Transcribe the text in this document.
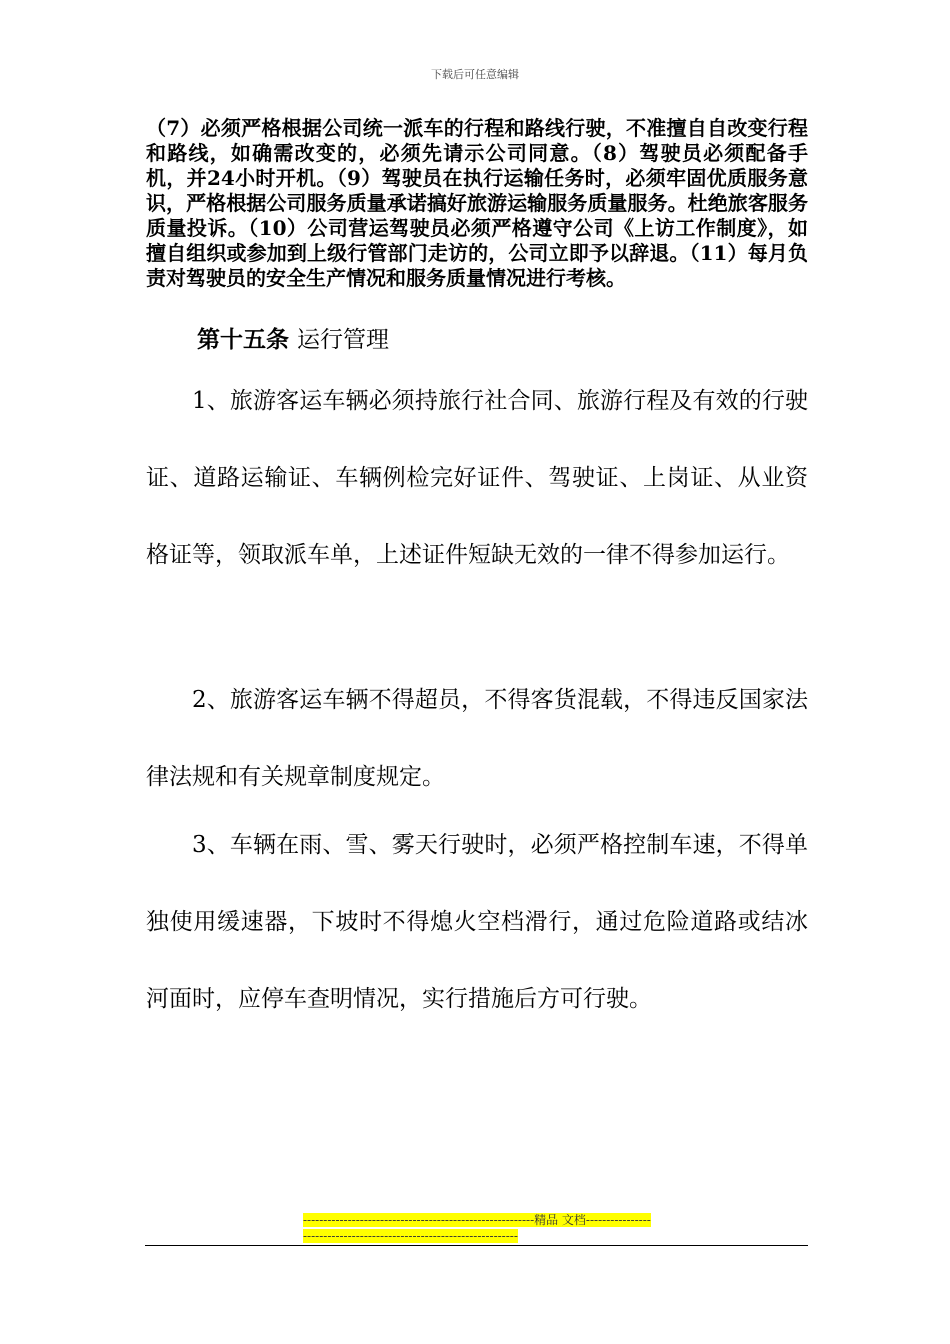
下载后可任意编辑

（7）必须严格根据公司统一派车的行程和路线行驶，不准擅自自改变行程和路线，如确需改变的，必须先请示公司同意。（8）驾驶员必须配备手机，并24小时开机。（9）驾驶员在执行运输任务时，必须牢固优质服务意识，严格根据公司服务质量承诺搞好旅游运输服务质量服务。杜绝旅客服务质量投诉。（10）公司营运驾驶员必须严格遵守公司《上访工作制度》，如擅自组织或参加到上级行管部门走访的，公司立即予以辞退。（11）每月负责对驾驶员的安全生产情况和服务质量情况进行考核。

第十五条 运行管理

1、旅游客运车辆必须持旅行社合同、旅游行程及有效的行驶证、道路运输证、车辆例检完好证件、驾驶证、上岗证、从业资格证等，领取派车单，上述证件短缺无效的一律不得参加运行。

2、旅游客运车辆不得超员，不得客货混载，不得违反国家法律法规和有关规章制度规定。

3、车辆在雨、雪、雾天行驶时，必须严格控制车速，不得单独使用缓速器，下坡时不得熄火空档滑行，通过危险道路或结冰河面时，应停车查明情况，实行措施后方可行驶。

---------------------------------------------------------精品 文档---------------------------------------------------------------------
